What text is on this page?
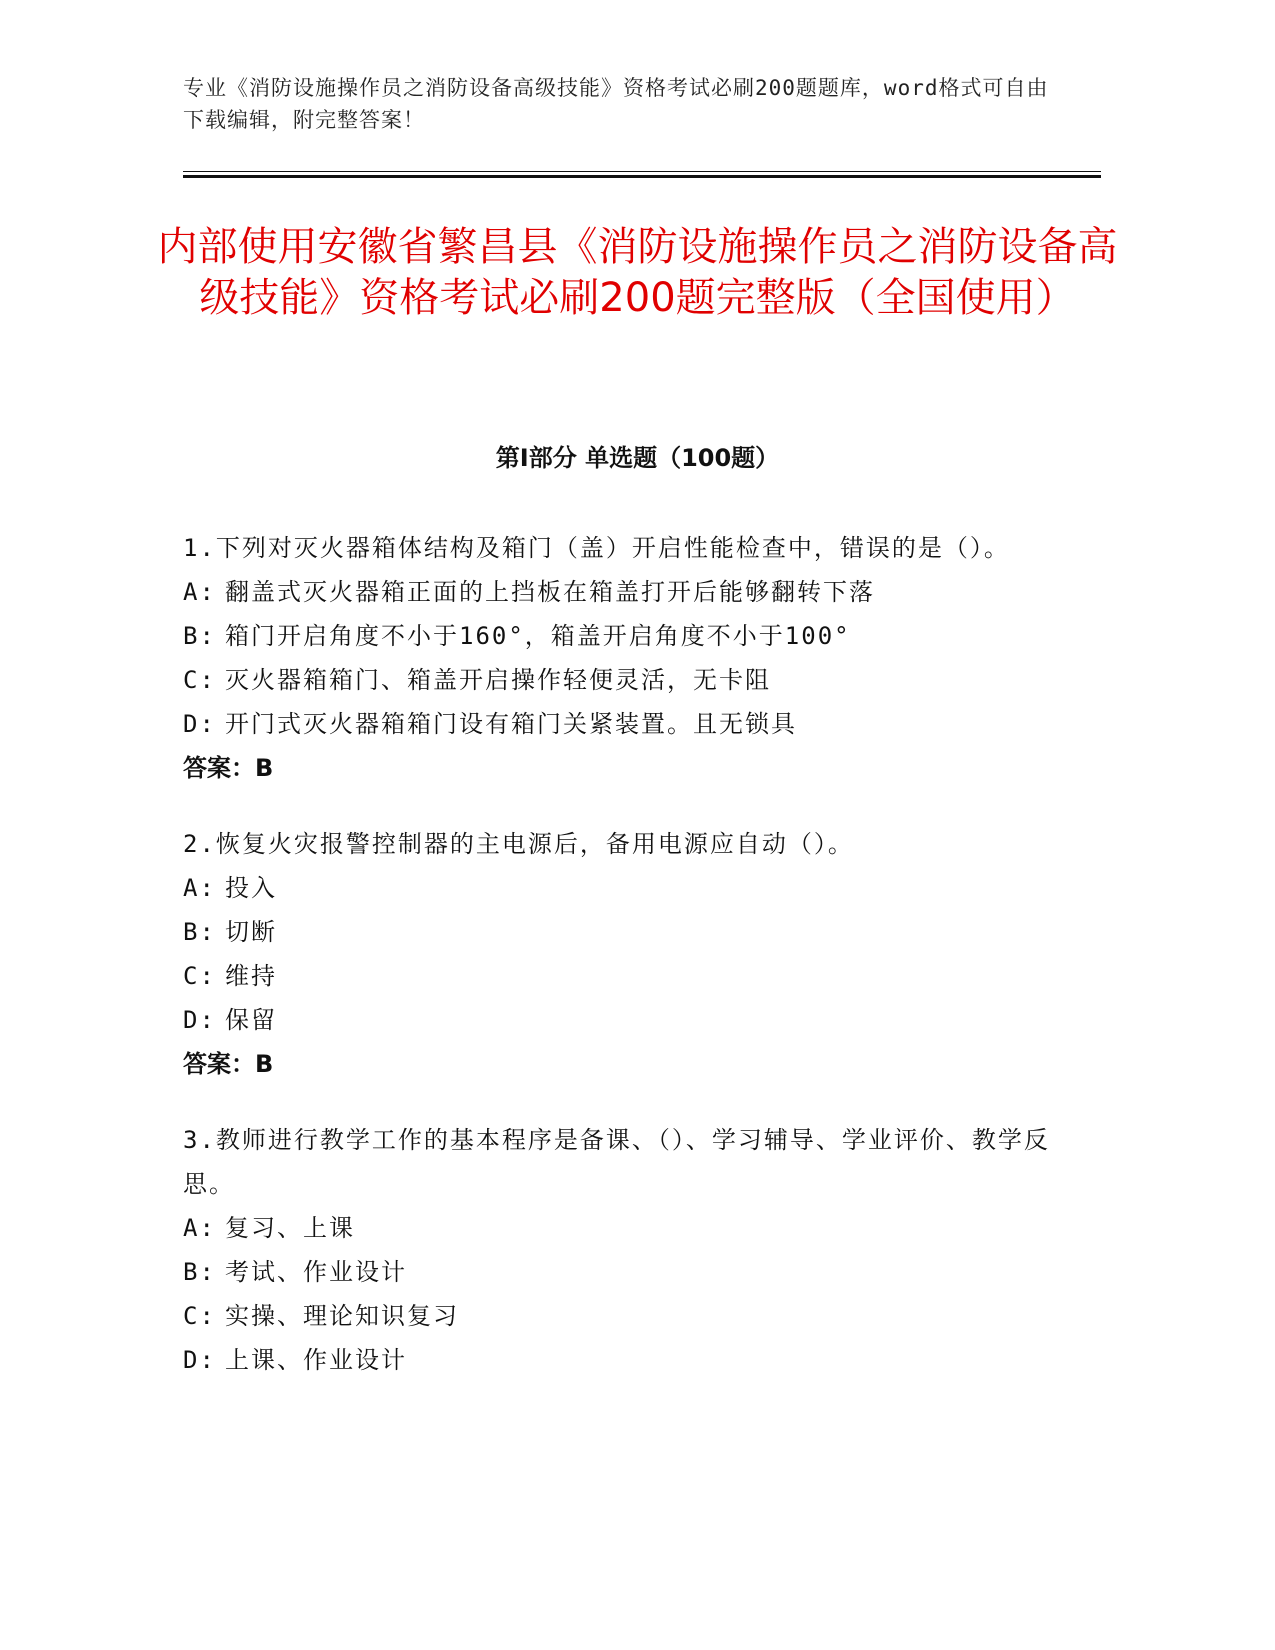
专业《消防设施操作员之消防设备高级技能》资格考试必刷200题题库，word格式可自由下载编辑，附完整答案！
内部使用安徽省繁昌县《消防设施操作员之消防设备高级技能》资格考试必刷200题完整版（全国使用）
第I部分 单选题（100题）
1.下列对灭火器箱体结构及箱门（盖）开启性能检查中，错误的是（）。
A: 翻盖式灭火器箱正面的上挡板在箱盖打开后能够翻转下落
B: 箱门开启角度不小于160°，箱盖开启角度不小于100°
C: 灭火器箱箱门、箱盖开启操作轻便灵活，无卡阻
D: 开门式灭火器箱箱门设有箱门关紧装置。且无锁具
答案：B
2.恢复火灾报警控制器的主电源后，备用电源应自动（）。
A: 投入
B: 切断
C: 维持
D: 保留
答案：B
3.教师进行教学工作的基本程序是备课、（）、学习辅导、学业评价、教学反思。
A: 复习、上课
B: 考试、作业设计
C: 实操、理论知识复习
D: 上课、作业设计
